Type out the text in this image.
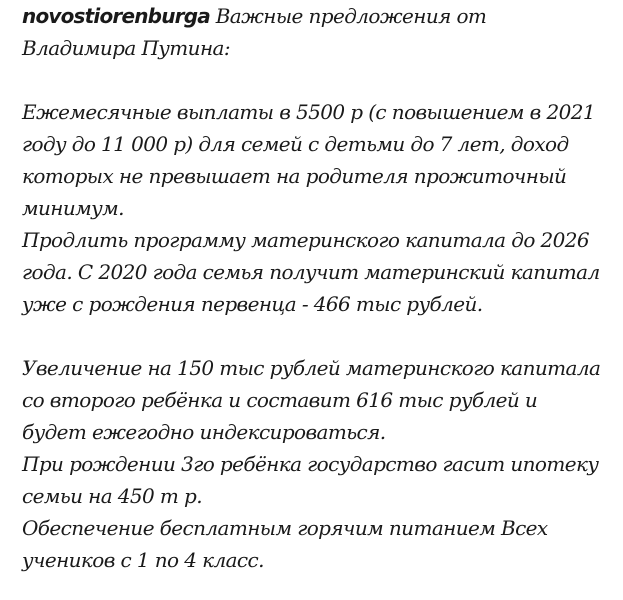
novostiorenburga Важные предложения от Владимира Путина:

Ежемесячные выплаты в 5500 р (с повышением в 2021 году до 11 000 р) для семей с детьми до 7 лет, доход которых не превышает на родителя прожиточный минимум.

Продлить программу материнского капитала до 2026 года. С 2020 года семья получит материнский капитал уже с рождения первенца - 466 тыс рублей.

Увеличение на 150 тыс рублей материнского капитала со второго ребёнка и составит 616 тыс рублей и будет ежегодно индексироваться.

При рождении 3го ребёнка государство гасит ипотеку семьи на 450 т р.

Обеспечение бесплатным горячим питанием Всех учеников с 1 по 4 класс.
